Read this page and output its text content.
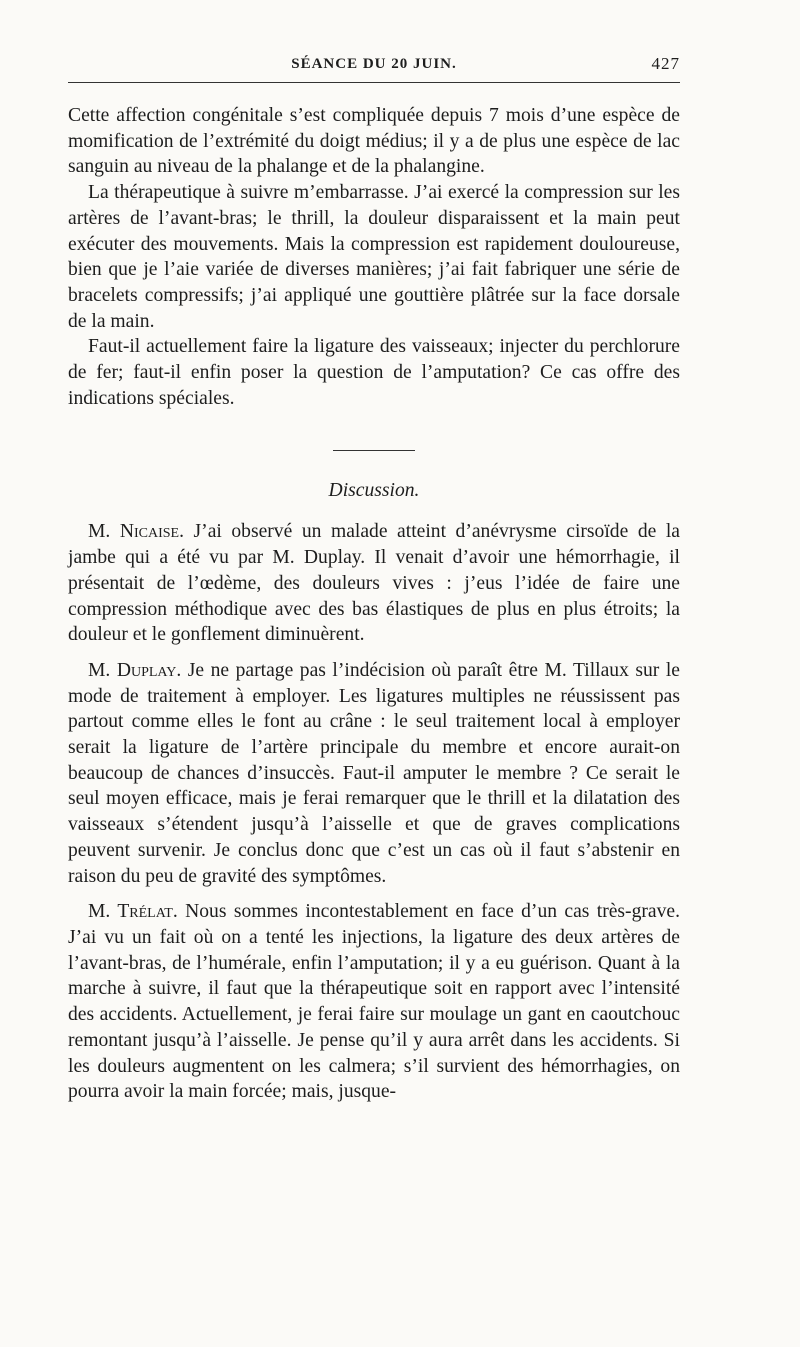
SÉANCE DU 20 JUIN.	427

Cette affection congénitale s’est compliquée depuis 7 mois d’une espèce de momification de l’extrémité du doigt médius; il y a de plus une espèce de lac sanguin au niveau de la phalange et de la phalangine.

La thérapeutique à suivre m’embarrasse. J’ai exercé la compression sur les artères de l’avant-bras; le thrill, la douleur disparaissent et la main peut exécuter des mouvements. Mais la compression est rapidement douloureuse, bien que je l’aie variée de diverses manières; j’ai fait fabriquer une série de bracelets compressifs; j’ai appliqué une gouttière plâtrée sur la face dorsale de la main.

Faut-il actuellement faire la ligature des vaisseaux; injecter du perchlorure de fer; faut-il enfin poser la question de l’amputation? Ce cas offre des indications spéciales.

Discussion.

M. Nicaise. J’ai observé un malade atteint d’anévrysme cirsoïde de la jambe qui a été vu par M. Duplay. Il venait d’avoir une hémorrhagie, il présentait de l’œdème, des douleurs vives : j’eus l’idée de faire une compression méthodique avec des bas élastiques de plus en plus étroits; la douleur et le gonflement diminuèrent.

M. Duplay. Je ne partage pas l’indécision où paraît être M. Tillaux sur le mode de traitement à employer. Les ligatures multiples ne réussissent pas partout comme elles le font au crâne : le seul traitement local à employer serait la ligature de l’artère principale du membre et encore aurait-on beaucoup de chances d’insuccès. Faut-il amputer le membre ? Ce serait le seul moyen efficace, mais je ferai remarquer que le thrill et la dilatation des vaisseaux s’étendent jusqu’à l’aisselle et que de graves complications peuvent survenir. Je conclus donc que c’est un cas où il faut s’abstenir en raison du peu de gravité des symptômes.

M. Trélat. Nous sommes incontestablement en face d’un cas très-grave. J’ai vu un fait où on a tenté les injections, la ligature des deux artères de l’avant-bras, de l’humérale, enfin l’amputation; il y a eu guérison. Quant à la marche à suivre, il faut que la thérapeutique soit en rapport avec l’intensité des accidents. Actuellement, je ferai faire sur moulage un gant en caoutchouc remontant jusqu’à l’aisselle. Je pense qu’il y aura arrêt dans les accidents. Si les douleurs augmentent on les calmera; s’il survient des hémorrhagies, on pourra avoir la main forcée; mais, jusque-
